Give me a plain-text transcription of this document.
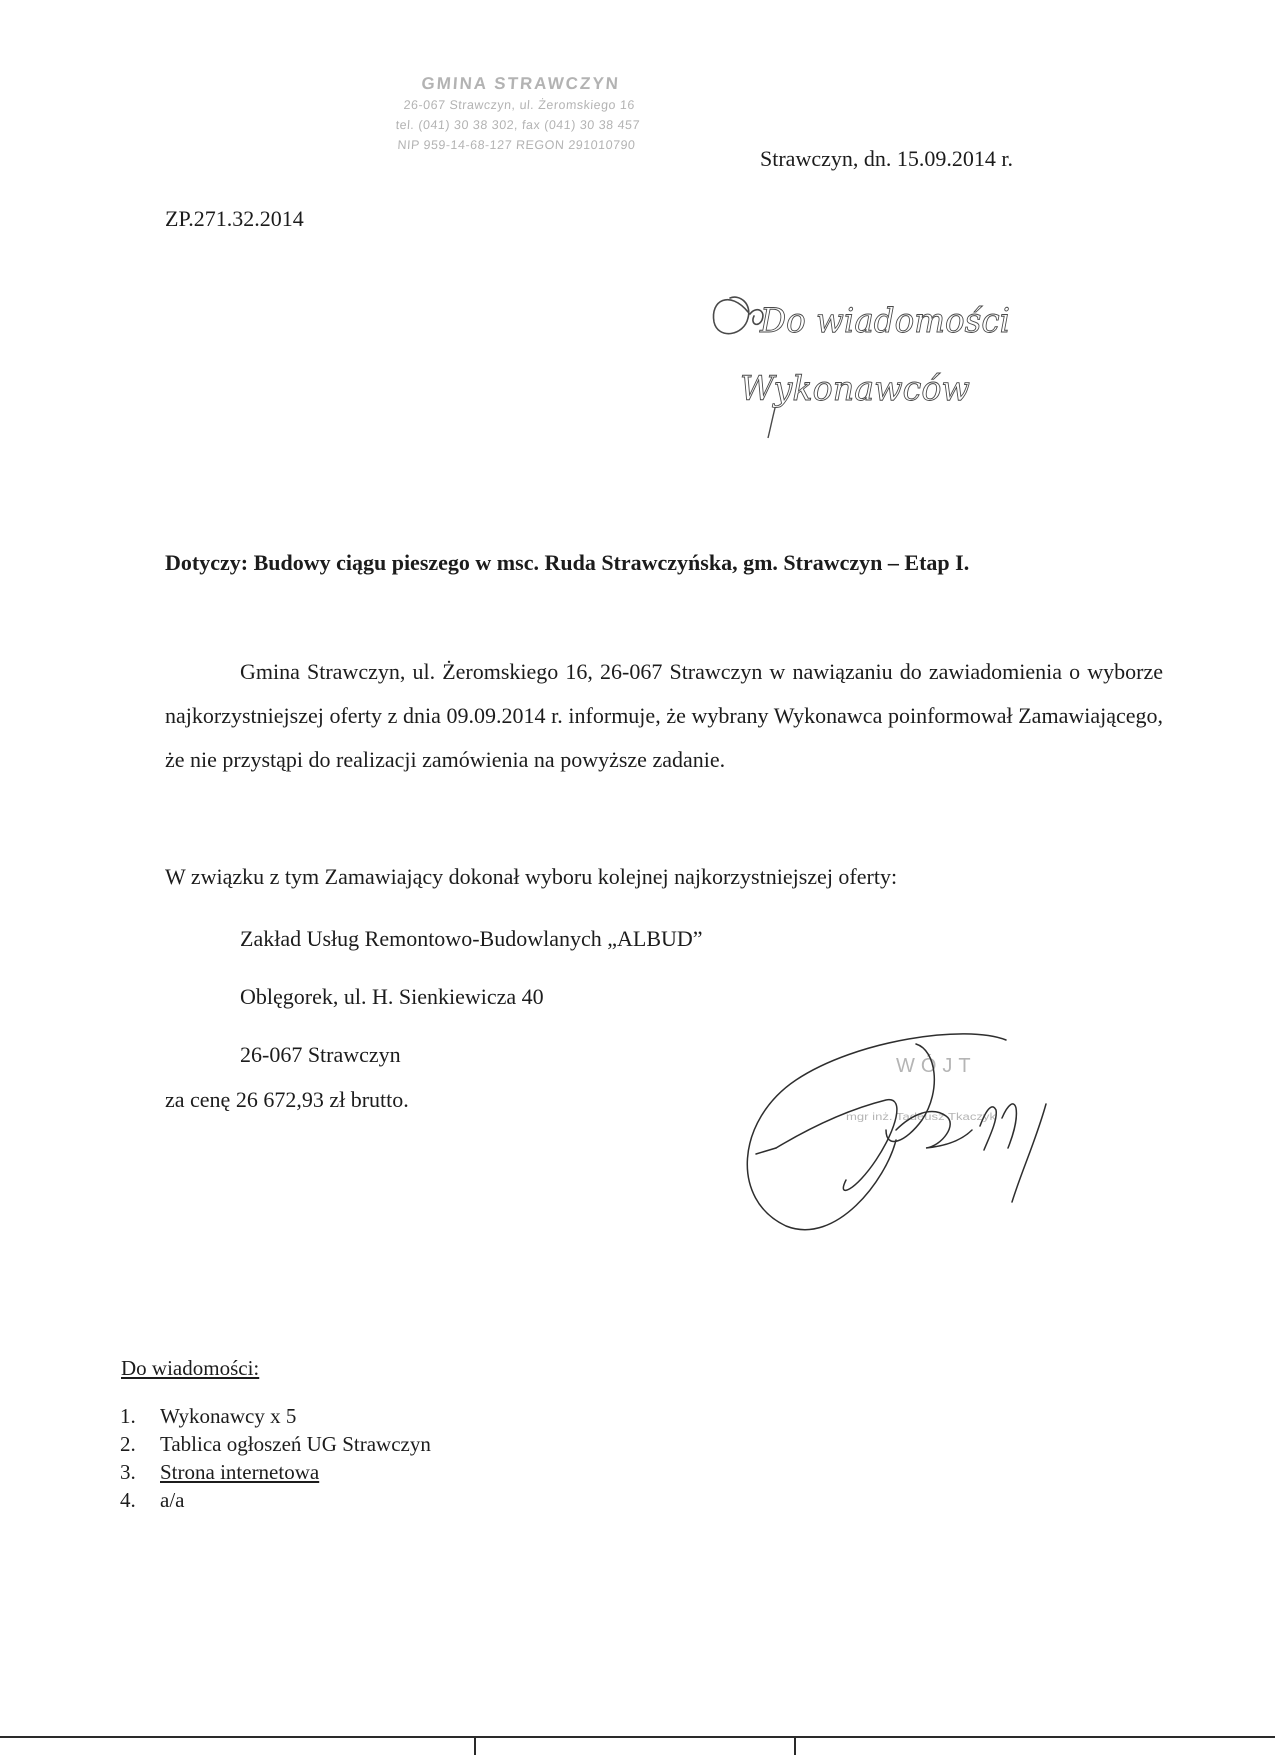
GMINA STRAWCZYN
26-067 Strawczyn, ul. Żeromskiego 16
tel. (041) 30 38 302, fax (041) 30 38 457
NIP 959-14-68-127 REGON 291010790
Strawczyn, dn. 15.09.2014 r.
ZP.271.32.2014
Do wiadomości
Wykonawców
Dotyczy: Budowy ciągu pieszego w msc. Ruda Strawczyńska, gm. Strawczyn – Etap I.
Gmina Strawczyn, ul. Żeromskiego 16, 26-067 Strawczyn w nawiązaniu do zawiadomienia o wyborze najkorzystniejszej oferty z dnia 09.09.2014 r. informuje, że wybrany Wykonawca poinformował Zamawiającego, że nie przystąpi do realizacji zamówienia na powyższe zadanie.
W związku z tym Zamawiający dokonał wyboru kolejnej najkorzystniejszej oferty:
Zakład Usług Remontowo-Budowlanych „ALBUD”
Oblęgorek, ul. H. Sienkiewicza 40
26-067 Strawczyn
za cenę 26 672,93 zł brutto.
WÓJT
mgr inż. Tadeusz Tkaczyk
Do wiadomości:
1. Wykonawcy x 5
2. Tablica ogłoszeń UG Strawczyn
3. Strona internetowa
4. a/a
